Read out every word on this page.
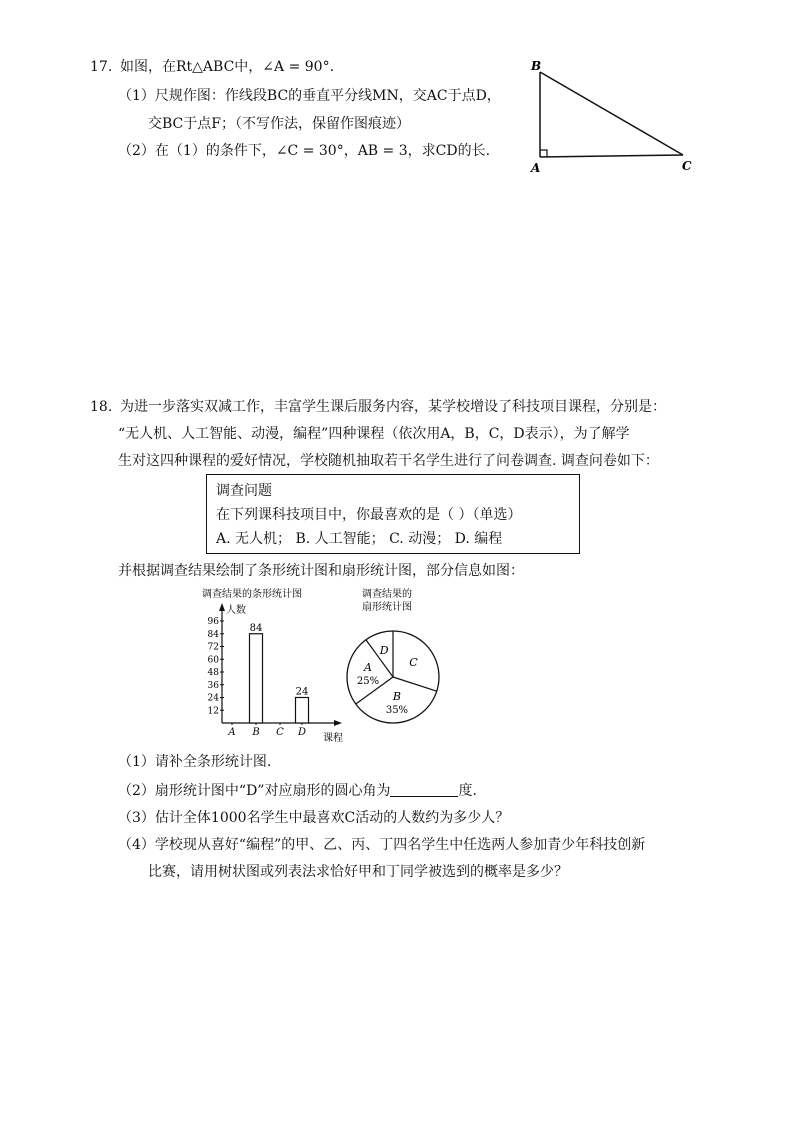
17. 如图，在Rt△ABC中，∠A = 90°.
（1）尺规作图：作线段BC的垂直平分线MN，交AC于点D，
交BC于点F；（不写作法，保留作图痕迹）
（2）在（1）的条件下，∠C = 30°，AB = 3，求CD的长.
B
A	C
18. 为进一步落实双减工作，丰富学生课后服务内容，某学校增设了科技项目课程，分别是：
“无人机、人工智能、动漫，编程”四种课程（依次用A，B，C，D表示），为了解学
生对这四种课程的爱好情况，学校随机抽取若干名学生进行了问卷调查. 调查问卷如下：
调查问题
在下列课科技项目中，你最喜欢的是（ ）（单选）
A. 无人机； B. 人工智能； C. 动漫； D. 编程
并根据调查结果绘制了条形统计图和扇形统计图，部分信息如图：
调查结果的条形统计图
人数
课程
12
24
36
48
60
72
84
96
A B
84
C D
24
调查结果的
扇形统计图
C
B
35%
A
25%
D
（1）请补全条形统计图.
（2）扇形统计图中“D”对应扇形的圆心角为	度.
（3）估计全体1000名学生中最喜欢C活动的人数约为多少人？
（4）学校现从喜好“编程”的甲、乙、丙、丁四名学生中任选两人参加青少年科技创新
比赛，请用树状图或列表法求恰好甲和丁同学被选到的概率是多少？
